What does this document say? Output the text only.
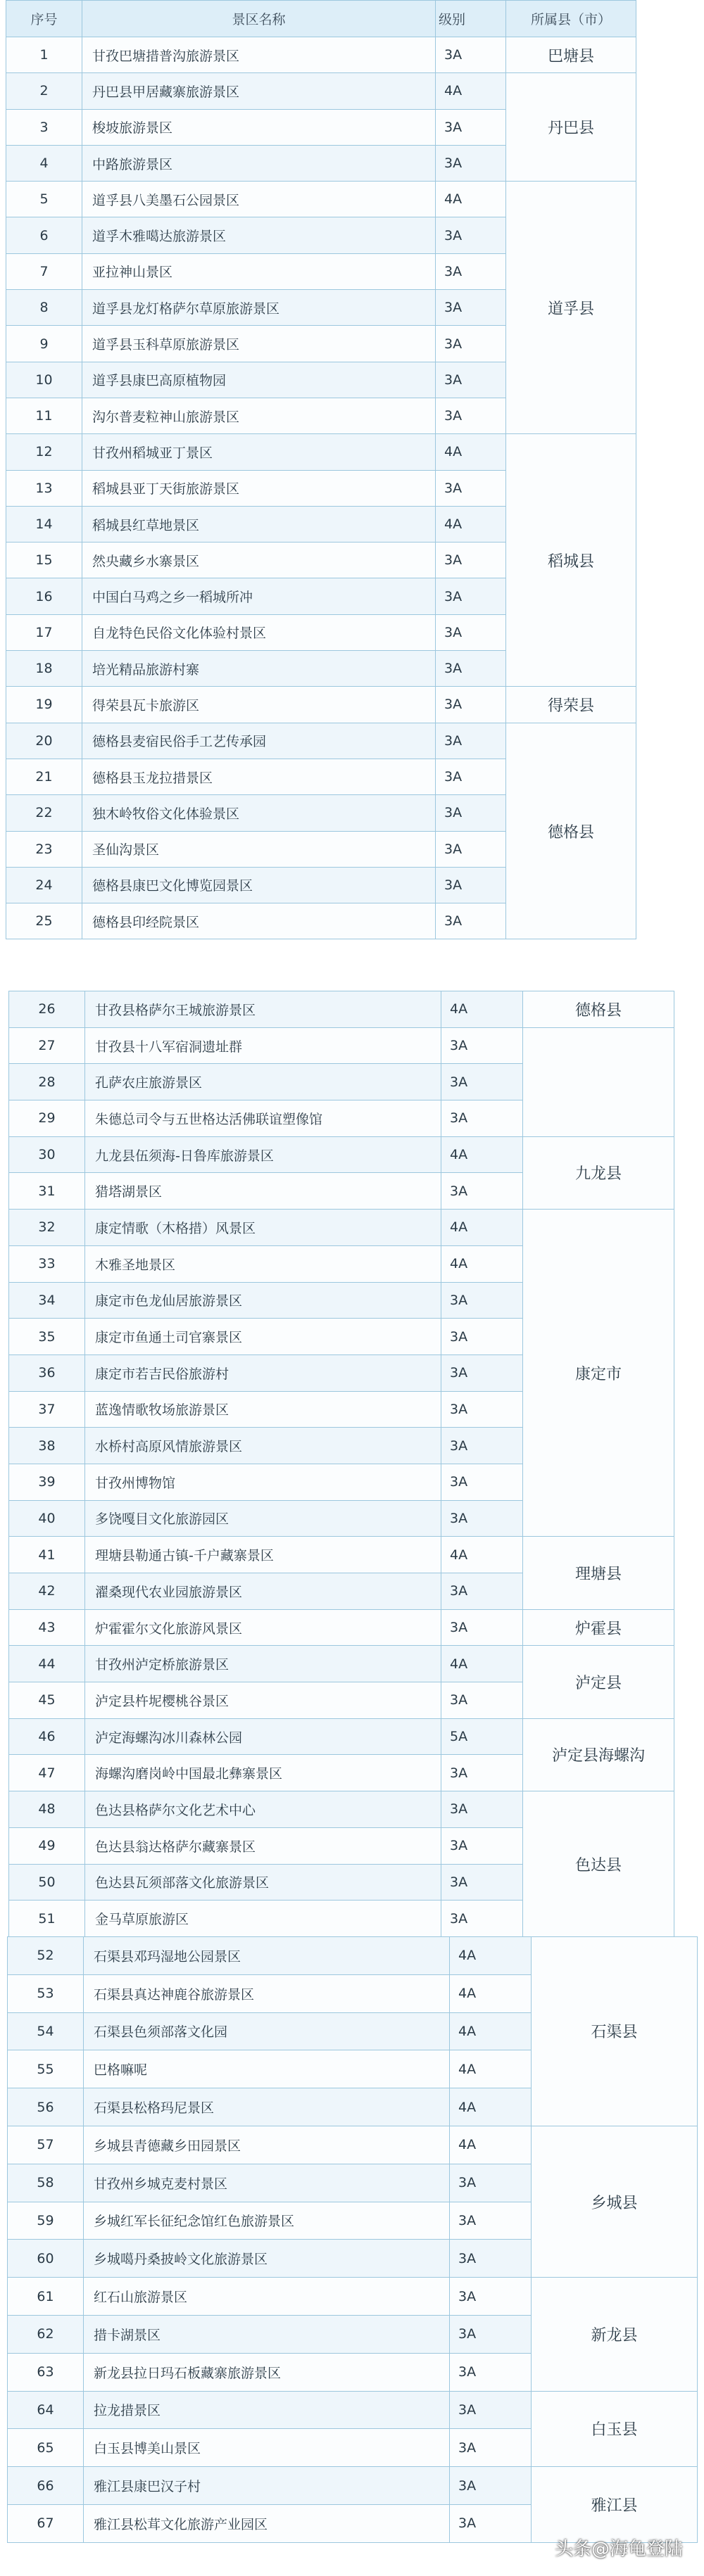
序号	景区名称	级别	所属县（市）
1	甘孜巴塘措普沟旅游景区	3A	巴塘县
2	丹巴县甲居藏寨旅游景区	4A	丹巴县
3	梭坡旅游景区	3A	
4	中路旅游景区	3A	
5	道孚县八美墨石公园景区	4A	道孚县
6	道孚木雅噶达旅游景区	3A	
7	亚拉神山景区	3A	
8	道孚县龙灯格萨尔草原旅游景区	3A	
9	道孚县玉科草原旅游景区	3A	
10	道孚县康巴高原植物园	3A	
11	沟尔普麦粒神山旅游景区	3A	
12	甘孜州稻城亚丁景区	4A	稻城县
13	稻城县亚丁天街旅游景区	3A	
14	稻城县红草地景区	4A	
15	然央藏乡水寨景区	3A	
16	中国白马鸡之乡一稻城所冲	3A	
17	自龙特色民俗文化体验村景区	3A	
18	培光精品旅游村寨	3A	
19	得荣县瓦卡旅游区	3A	得荣县
20	德格县麦宿民俗手工艺传承园	3A	德格县
21	德格县玉龙拉措景区	3A	
22	独木岭牧俗文化体验景区	3A	
23	圣仙沟景区	3A	
24	德格县康巴文化博览园景区	3A	
25	德格县印经院景区	3A	
26	甘孜县格萨尔王城旅游景区	4A	德格县	
27	甘孜县十八军宿洞遗址群	3A		
28	孔萨农庄旅游景区	3A		
29	朱德总司令与五世格达活佛联谊塑像馆	3A		
30	九龙县伍须海-日鲁库旅游景区	4A	九龙县	
31	猎塔湖景区	3A		
32	康定情歌（木格措）风景区	4A	康定市	
33	木雅圣地景区	4A		
34	康定市色龙仙居旅游景区	3A		
35	康定市鱼通土司官寨景区	3A		
36	康定市若吉民俗旅游村	3A		
37	蓝逸情歌牧场旅游景区	3A		
38	水桥村高原风情旅游景区	3A		
39	甘孜州博物馆	3A		
40	多饶嘎目文化旅游园区	3A		
41	理塘县勒通古镇-千户藏寨景区	4A	理塘县	
42	濯桑现代农业园旅游景区	3A		
43	炉霍霍尔文化旅游风景区	3A	炉霍县	
44	甘孜州泸定桥旅游景区	4A	泸定县	
45	泸定县杵坭樱桃谷景区	3A		
46	泸定海螺沟冰川森林公园	5A	泸定县海螺沟	
47	海螺沟磨岗岭中国最北彝寨景区	3A		
48	色达县格萨尔文化艺术中心	3A	色达县	
49	色达县翁达格萨尔藏寨景区	3A		
50	色达县瓦须部落文化旅游景区	3A		
51	金马草原旅游区	3A		
52	石渠县邓玛湿地公园景区	4A	石渠县
53	石渠县真达神鹿谷旅游景区	4A	
54	石渠县色须部落文化园	4A	
55	巴格嘛呢	4A	
56	石渠县松格玛尼景区	4A	
57	乡城县青德藏乡田园景区	4A	乡城县
58	甘孜州乡城克麦村景区	3A	
59	乡城红军长征纪念馆红色旅游景区	3A	
60	乡城噶丹桑披岭文化旅游景区	3A	
61	红石山旅游景区	3A	新龙县
62	措卡湖景区	3A	
63	新龙县拉日玛石板藏寨旅游景区	3A	
64	拉龙措景区	3A	白玉县
65	白玉县博美山景区	3A	
66	雅江县康巴汉子村	3A	雅江县
67	雅江县松茸文化旅游产业园区	3A	
头条@海龟登陆
